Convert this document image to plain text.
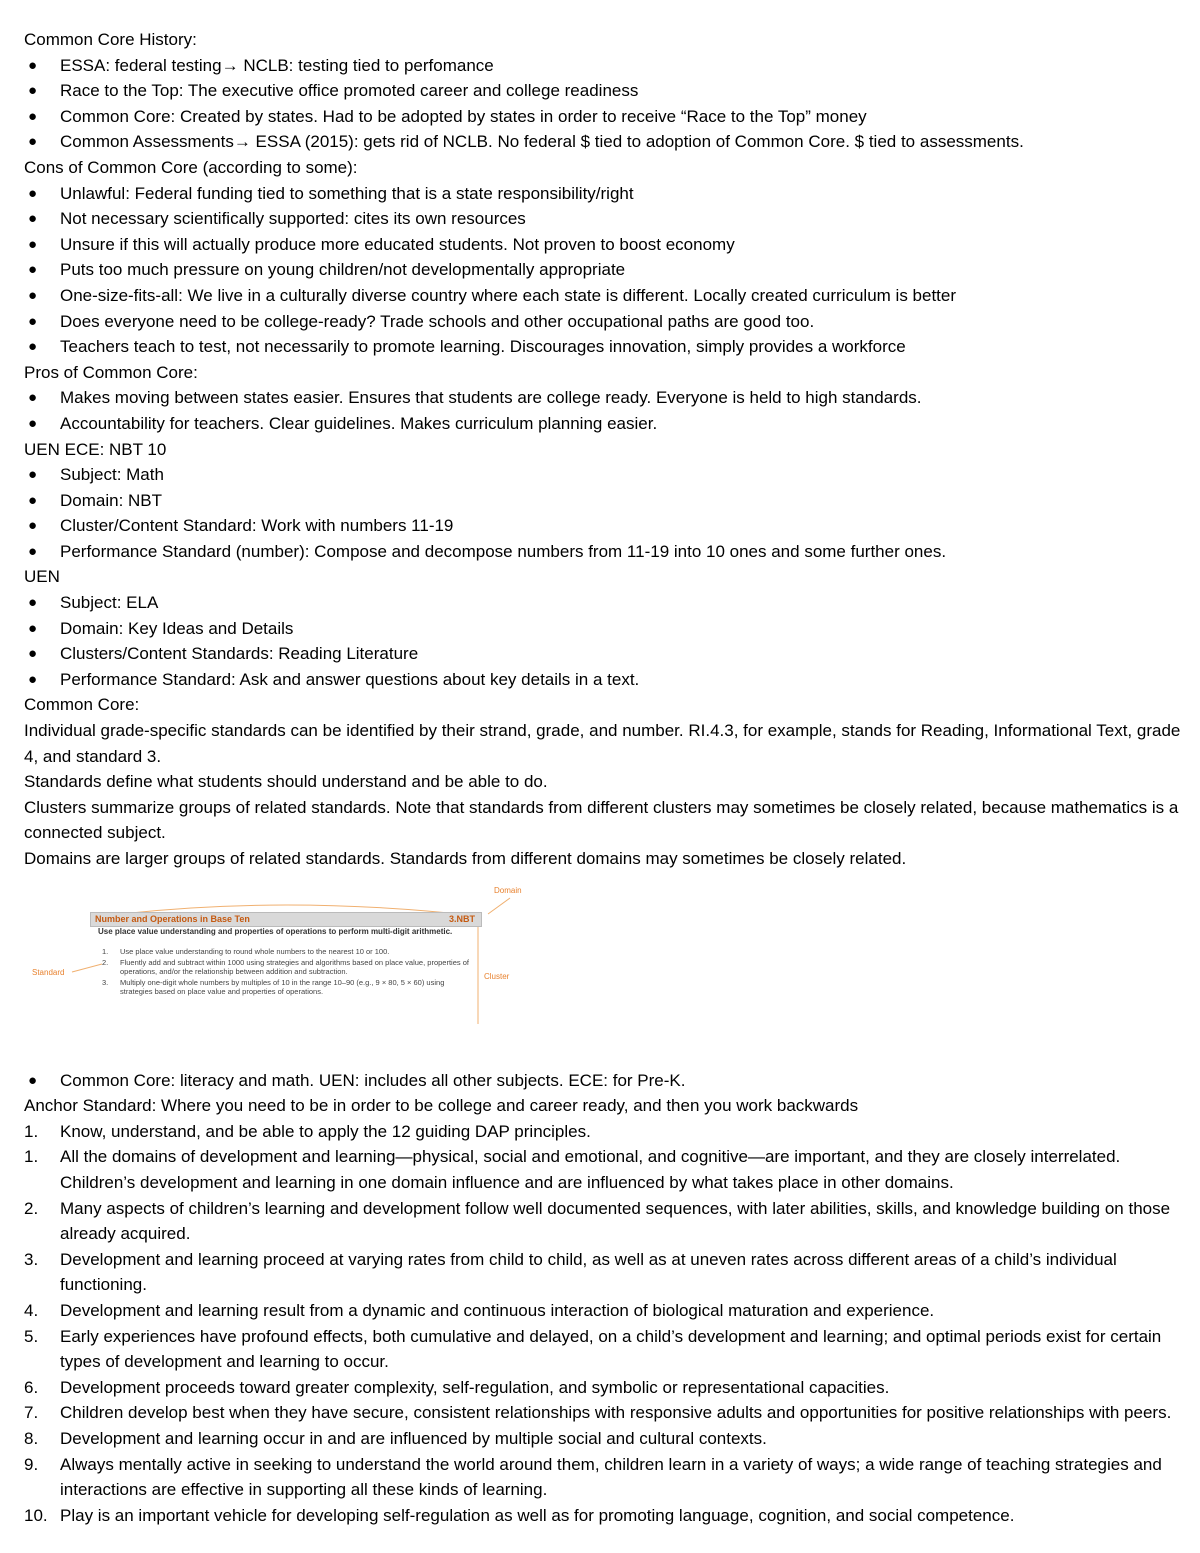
Common Core History:
● ESSA: federal testing→ NCLB: testing tied to perfomance
● Race to the Top: The executive office promoted career and college readiness
● Common Core: Created by states. Had to be adopted by states in order to receive “Race to the Top” money
● Common Assessments→ ESSA (2015): gets rid of NCLB. No federal $ tied to adoption of Common Core. $ tied to assessments.
Cons of Common Core (according to some):
● Unlawful: Federal funding tied to something that is a state responsibility/right
● Not necessary scientifically supported: cites its own resources
● Unsure if this will actually produce more educated students. Not proven to boost economy
● Puts too much pressure on young children/not developmentally appropriate
● One-size-fits-all: We live in a culturally diverse country where each state is different. Locally created curriculum is better
● Does everyone need to be college-ready? Trade schools and other occupational paths are good too.
● Teachers teach to test, not necessarily to promote learning. Discourages innovation, simply provides a workforce
Pros of Common Core:
● Makes moving between states easier. Ensures that students are college ready. Everyone is held to high standards.
● Accountability for teachers. Clear guidelines. Makes curriculum planning easier.
UEN ECE: NBT 10
● Subject: Math
● Domain: NBT
● Cluster/Content Standard: Work with numbers 11-19
● Performance Standard (number): Compose and decompose numbers from 11-19 into 10 ones and some further ones.
UEN
● Subject: ELA
● Domain: Key Ideas and Details
● Clusters/Content Standards: Reading Literature
● Performance Standard: Ask and answer questions about key details in a text.
Common Core:
Individual grade-specific standards can be identified by their strand, grade, and number. RI.4.3, for example, stands for Reading, Informational Text, grade 4, and standard 3.
Standards define what students should understand and be able to do.
Clusters summarize groups of related standards. Note that standards from different clusters may sometimes be closely related, because mathematics is a connected subject.
Domains are larger groups of related standards. Standards from different domains may sometimes be closely related.
Domain
Standard	Cluster
Number and Operations in Base Ten	3.NBT
Use place value understanding and properties of operations to perform multi-digit arithmetic.
1. Use place value understanding to round whole numbers to the nearest 10 or 100.
2. Fluently add and subtract within 1000 using strategies and algorithms based on place value, properties of operations, and/or the relationship between addition and subtraction.
3. Multiply one-digit whole numbers by multiples of 10 in the range 10–90 (e.g., 9 × 80, 5 × 60) using strategies based on place value and properties of operations.
● Common Core: literacy and math. UEN: includes all other subjects. ECE: for Pre-K.
Anchor Standard: Where you need to be in order to be college and career ready, and then you work backwards
1. Know, understand, and be able to apply the 12 guiding DAP principles.
1. All the domains of development and learning—physical, social and emotional, and cognitive—are important, and they are closely interrelated. Children’s development and learning in one domain influence and are influenced by what takes place in other domains.
2. Many aspects of children’s learning and development follow well documented sequences, with later abilities, skills, and knowledge building on those already acquired.
3. Development and learning proceed at varying rates from child to child, as well as at uneven rates across different areas of a child’s individual functioning.
4. Development and learning result from a dynamic and continuous interaction of biological maturation and experience.
5. Early experiences have profound effects, both cumulative and delayed, on a child’s development and learning; and optimal periods exist for certain types of development and learning to occur.
6. Development proceeds toward greater complexity, self-regulation, and symbolic or representational capacities.
7. Children develop best when they have secure, consistent relationships with responsive adults and opportunities for positive relationships with peers.
8. Development and learning occur in and are influenced by multiple social and cultural contexts.
9. Always mentally active in seeking to understand the world around them, children learn in a variety of ways; a wide range of teaching strategies and interactions are effective in supporting all these kinds of learning.
10. Play is an important vehicle for developing self-regulation as well as for promoting language, cognition, and social competence.
